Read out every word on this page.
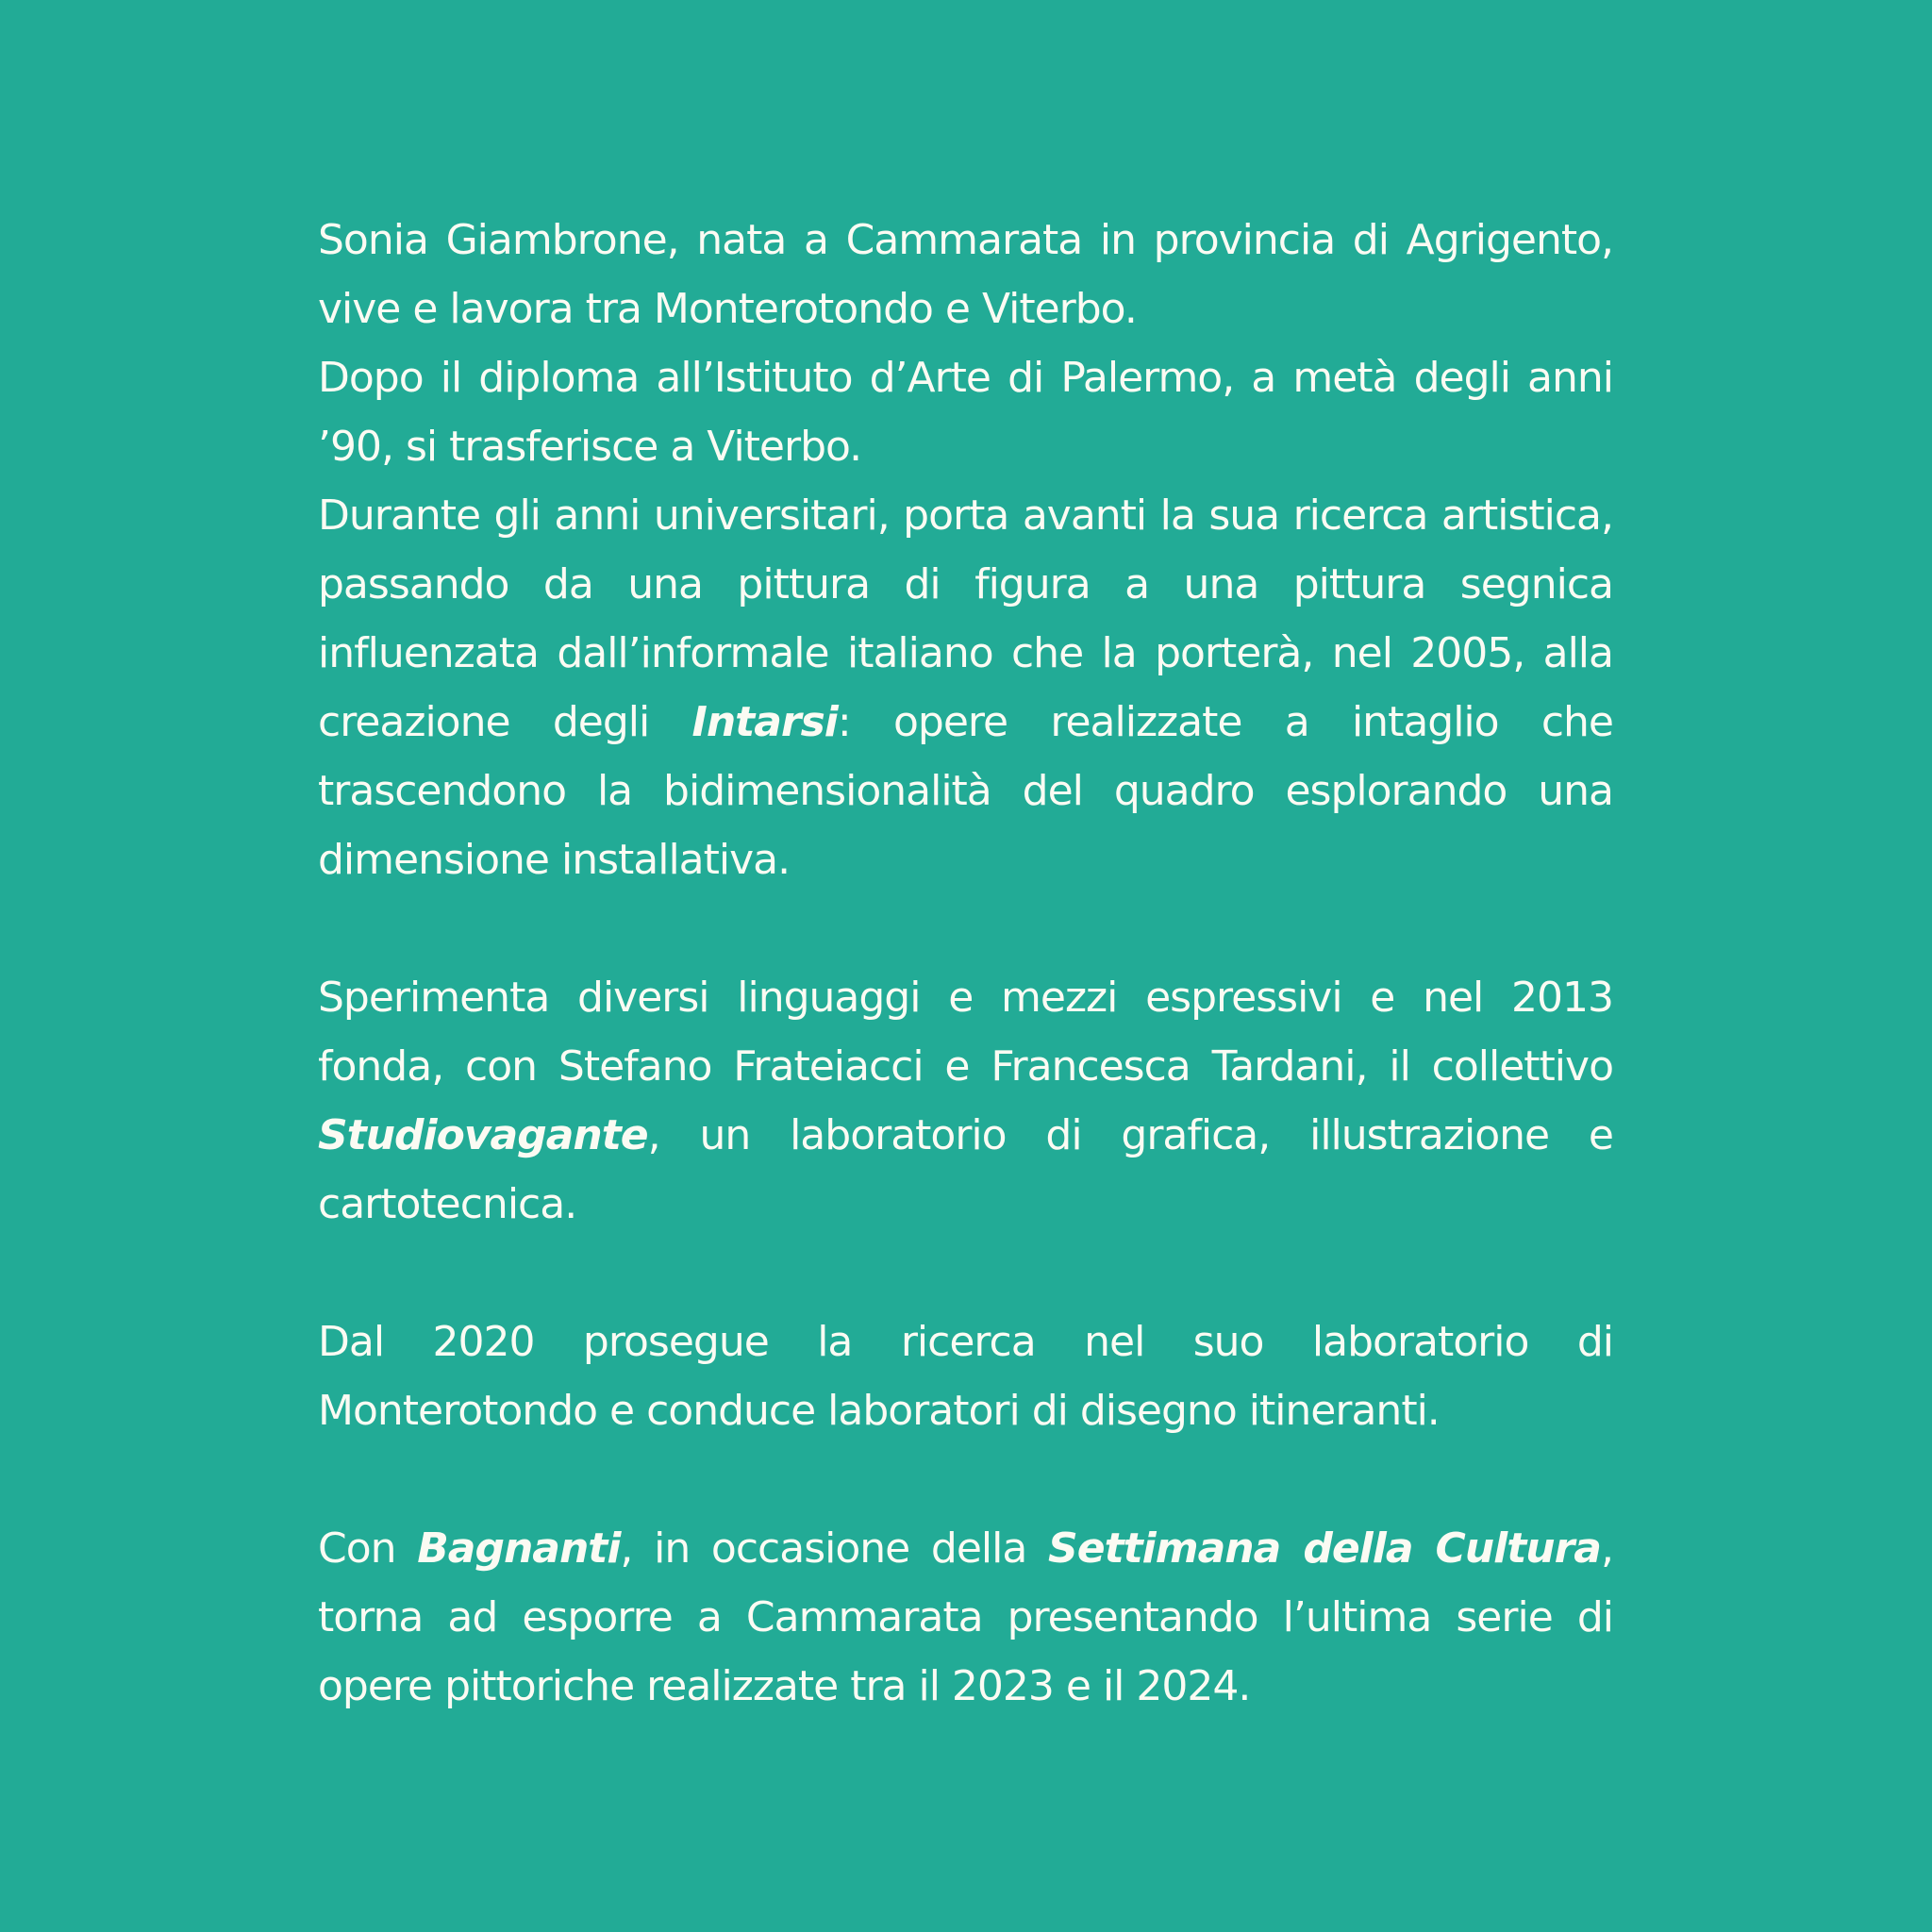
Sonia Giambrone, nata a Cammarata in provincia di Agrigento, vive e lavora tra Monterotondo e Viterbo.

Dopo il diploma all’Istituto d’Arte di Palermo, a metà degli anni ’90, si trasferisce a Viterbo.

Durante gli anni universitari, porta avanti la sua ricerca artistica, passando da una pittura di figura a una pittura segnica influenzata dall’informale italiano che la porterà, nel 2005, alla creazione degli Intarsi: opere realizzate a intaglio che trascendono la bidimensionalità del quadro esplorando una dimensione installativa.

Sperimenta diversi linguaggi e mezzi espressivi e nel 2013 fonda, con Stefano Frateiacci e Francesca Tardani, il collettivo Studiovagante, un laboratorio di grafica, illustrazione e cartotecnica.

Dal 2020 prosegue la ricerca nel suo laboratorio di Monterotondo e conduce laboratori di disegno itineranti.

Con Bagnanti, in occasione della Settimana della Cultura, torna ad esporre a Cammarata presentando l’ultima serie di opere pittoriche realizzate tra il 2023 e il 2024.
